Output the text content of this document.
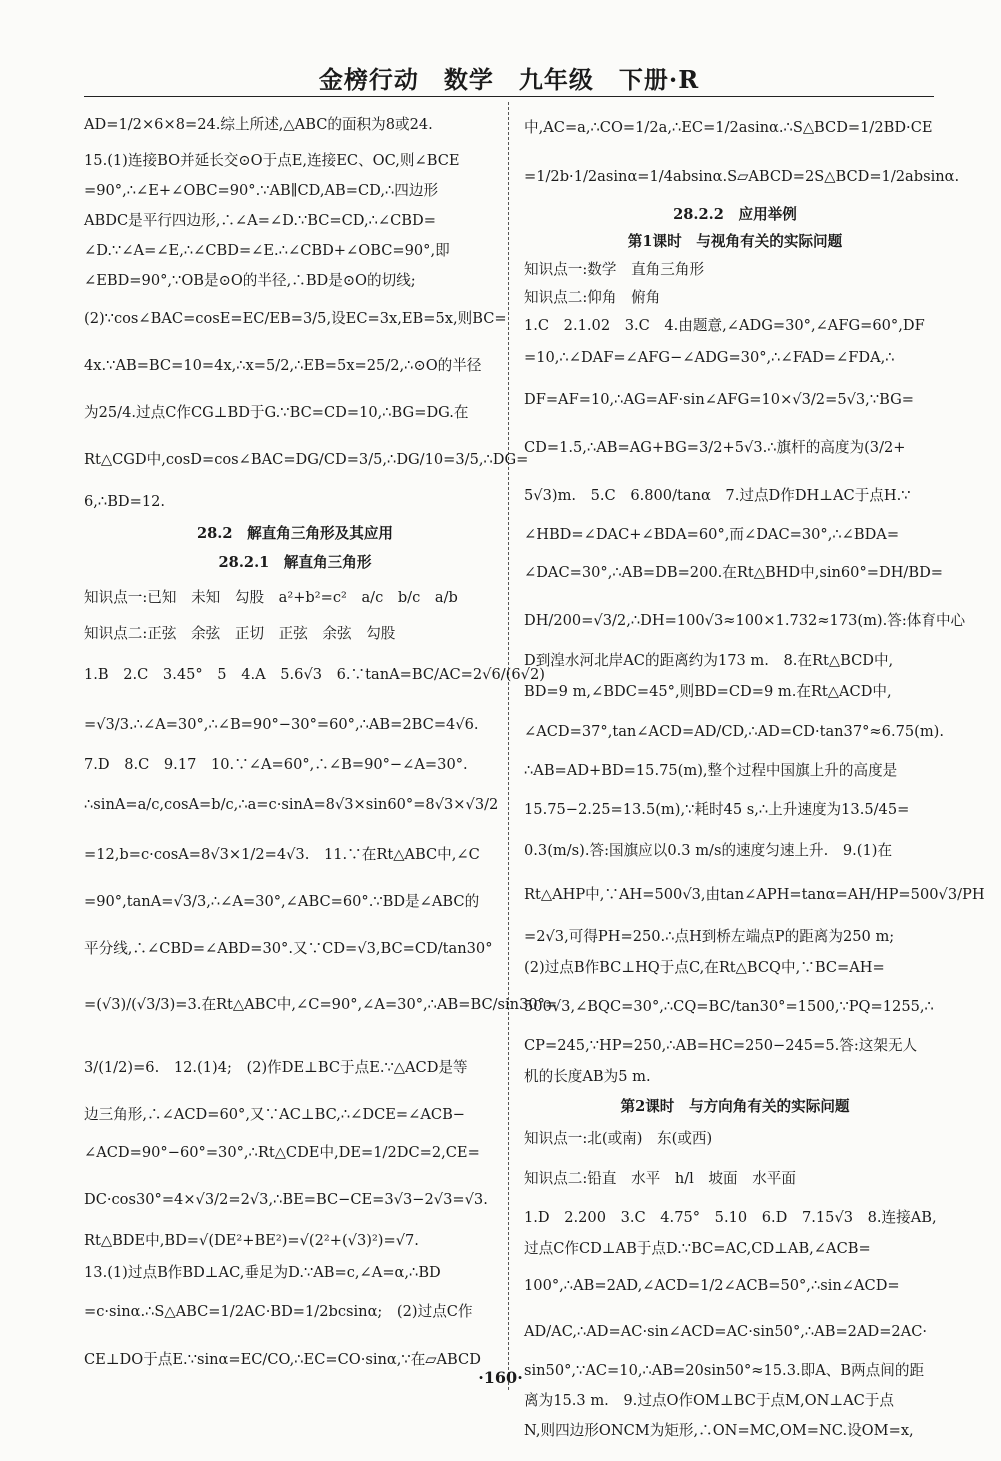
金榜行动　数学　九年级　下册·R
AD=1/2×6×8=24.综上所述,△ABC的面积为8或24.
15.(1)连接BO并延长交⊙O于点E,连接EC、OC,则∠BCE
=90°,∴∠E+∠OBC=90°.∵AB∥CD,AB=CD,∴四边形
ABDC是平行四边形,∴∠A=∠D.∵BC=CD,∴∠CBD=
∠D.∵∠A=∠E,∴∠CBD=∠E.∴∠CBD+∠OBC=90°,即
∠EBD=90°,∵OB是⊙O的半径,∴BD是⊙O的切线;
(2)∵cos∠BAC=cosE=EC/EB=3/5,设EC=3x,EB=5x,则BC=
4x.∵AB=BC=10=4x,∴x=5/2,∴EB=5x=25/2,∴⊙O的半径
为25/4.过点C作CG⊥BD于G.∵BC=CD=10,∴BG=DG.在
Rt△CGD中,cosD=cos∠BAC=DG/CD=3/5,∴DG/10=3/5,∴DG=
6,∴BD=12.
28.2　解直角三角形及其应用
28.2.1　解直角三角形
知识点一:已知　未知　勾股　a²+b²=c²　a/c　b/c　a/b
知识点二:正弦　余弦　正切　正弦　余弦　勾股
1.B　2.C　3.45°　5　4.A　5.6√3　6.∵tanA=BC/AC=2√6/(6√2)
=√3/3.∴∠A=30°,∴∠B=90°−30°=60°,∴AB=2BC=4√6.
7.D　8.C　9.17　10.∵∠A=60°,∴∠B=90°−∠A=30°.
∴sinA=a/c,cosA=b/c,∴a=c·sinA=8√3×sin60°=8√3×√3/2
=12,b=c·cosA=8√3×1/2=4√3.　11.∵在Rt△ABC中,∠C
=90°,tanA=√3/3,∴∠A=30°,∠ABC=60°.∵BD是∠ABC的
平分线,∴∠CBD=∠ABD=30°.又∵CD=√3,BC=CD/tan30°
=(√3)/(√3/3)=3.在Rt△ABC中,∠C=90°,∠A=30°,∴AB=BC/sin30°=
3/(1/2)=6.　12.(1)4;　(2)作DE⊥BC于点E.∵△ACD是等
边三角形,∴∠ACD=60°,又∵AC⊥BC,∴∠DCE=∠ACB−
∠ACD=90°−60°=30°,∴Rt△CDE中,DE=1/2DC=2,CE=
DC·cos30°=4×√3/2=2√3,∴BE=BC−CE=3√3−2√3=√3.
Rt△BDE中,BD=√(DE²+BE²)=√(2²+(√3)²)=√7.
13.(1)过点B作BD⊥AC,垂足为D.∵AB=c,∠A=α,∴BD
=c·sinα.∴S△ABC=1/2AC·BD=1/2bcsinα;　(2)过点C作
CE⊥DO于点E.∵sinα=EC/CO,∴EC=CO·sinα,∵在▱ABCD
中,AC=a,∴CO=1/2a,∴EC=1/2asinα.∴S△BCD=1/2BD·CE
=1/2b·1/2asinα=1/4absinα.S▱ABCD=2S△BCD=1/2absinα.
28.2.2　应用举例
第1课时　与视角有关的实际问题
知识点一:数学　直角三角形
知识点二:仰角　俯角
1.C　2.1.02　3.C　4.由题意,∠ADG=30°,∠AFG=60°,DF
=10,∴∠DAF=∠AFG−∠ADG=30°,∴∠FAD=∠FDA,∴
DF=AF=10,∴AG=AF·sin∠AFG=10×√3/2=5√3,∵BG=
CD=1.5,∴AB=AG+BG=3/2+5√3.∴旗杆的高度为(3/2+
5√3)m.　5.C　6.800/tanα　7.过点D作DH⊥AC于点H.∵
∠HBD=∠DAC+∠BDA=60°,而∠DAC=30°,∴∠BDA=
∠DAC=30°,∴AB=DB=200.在Rt△BHD中,sin60°=DH/BD=
DH/200=√3/2,∴DH=100√3≈100×1.732≈173(m).答:体育中心
D到湟水河北岸AC的距离约为173 m.　8.在Rt△BCD中,
BD=9 m,∠BDC=45°,则BD=CD=9 m.在Rt△ACD中,
∠ACD=37°,tan∠ACD=AD/CD,∴AD=CD·tan37°≈6.75(m).
∴AB=AD+BD=15.75(m),整个过程中国旗上升的高度是
15.75−2.25=13.5(m),∵耗时45 s,∴上升速度为13.5/45=
0.3(m/s).答:国旗应以0.3 m/s的速度匀速上升.　9.(1)在
Rt△AHP中,∵AH=500√3,由tan∠APH=tanα=AH/HP=500√3/PH
=2√3,可得PH=250.∴点H到桥左端点P的距离为250 m;
(2)过点B作BC⊥HQ于点C,在Rt△BCQ中,∵BC=AH=
500√3,∠BQC=30°,∴CQ=BC/tan30°=1500,∵PQ=1255,∴
CP=245,∵HP=250,∴AB=HC=250−245=5.答:这架无人
机的长度AB为5 m.
第2课时　与方向角有关的实际问题
知识点一:北(或南)　东(或西)
知识点二:铅直　水平　h/l　坡面　水平面
1.D　2.200　3.C　4.75°　5.10　6.D　7.15√3　8.连接AB,
过点C作CD⊥AB于点D.∵BC=AC,CD⊥AB,∠ACB=
100°,∴AB=2AD,∠ACD=1/2∠ACB=50°,∴sin∠ACD=
AD/AC,∴AD=AC·sin∠ACD=AC·sin50°,∴AB=2AD=2AC·
sin50°,∵AC=10,∴AB=20sin50°≈15.3.即A、B两点间的距
离为15.3 m.　9.过点O作OM⊥BC于点M,ON⊥AC于点
N,则四边形ONCM为矩形,∴ON=MC,OM=NC.设OM=x,
·160·
